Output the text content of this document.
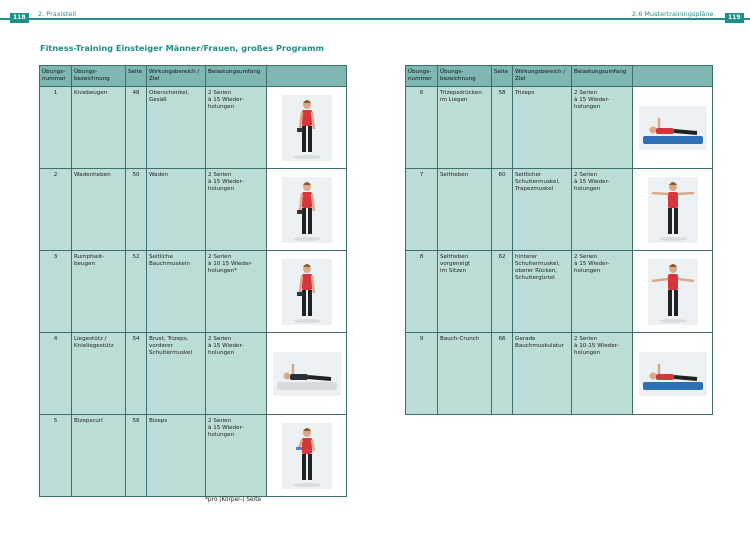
118	2. Praxisteil	2.6 Mustertrainingspläne	119
Fitness-Training Einsteiger Männer/Frauen, großes Programm
Übungs-
nummer	Übungs-
bezeichnung	Seite	Wirkungsbereich /
Ziel	Belastungsumfang	
1	Kniebeugen	48	Oberschenkel,
Gesäß	2 Serien
à 15 Wieder-
holungen	

2	Wadenheben	50	Waden	2 Serien
à 15 Wieder-
holungen	

3	Rumpfseit-
beugen	52	Seitliche
Bauchmuskeln	2 Serien
à 10 15 Wieder-
holungen*	

4	Liegestütz /
Knieliegestütz	54	Brust, Trizeps,
vorderer
Schultermuskel	2 Serien
à 15 Wieder-
holungen	

5	Bizepscurl	56	Bizeps	2 Serien
à 15 Wieder-
holungen	
Übungs-
nummer	Übungs-
bezeichnung	Seite	Wirkungsbereich /
Ziel	Belastungsumfang	
6	Trizepsdrücken
im Liegen	58	Trizeps	2 Serien
à 15 Wieder-
holungen	

7	Seitheben	60	Seitlicher
Schultermuskel,
Trapezmuskel	2 Serien
à 15 Wieder-
holungen	

8	Seitheben
vorgeneigt
im Sitzen	62	hinterer
Schultermuskel,
oberer Rücken,
Schultergürtel	2 Serien
à 15 Wieder-
holungen	

9	Bauch-Crunch	66	Gerade
Bauchmuskulatur	2 Serien
à 10-15 Wieder-
holungen	
*pro (Körper-) Seite
